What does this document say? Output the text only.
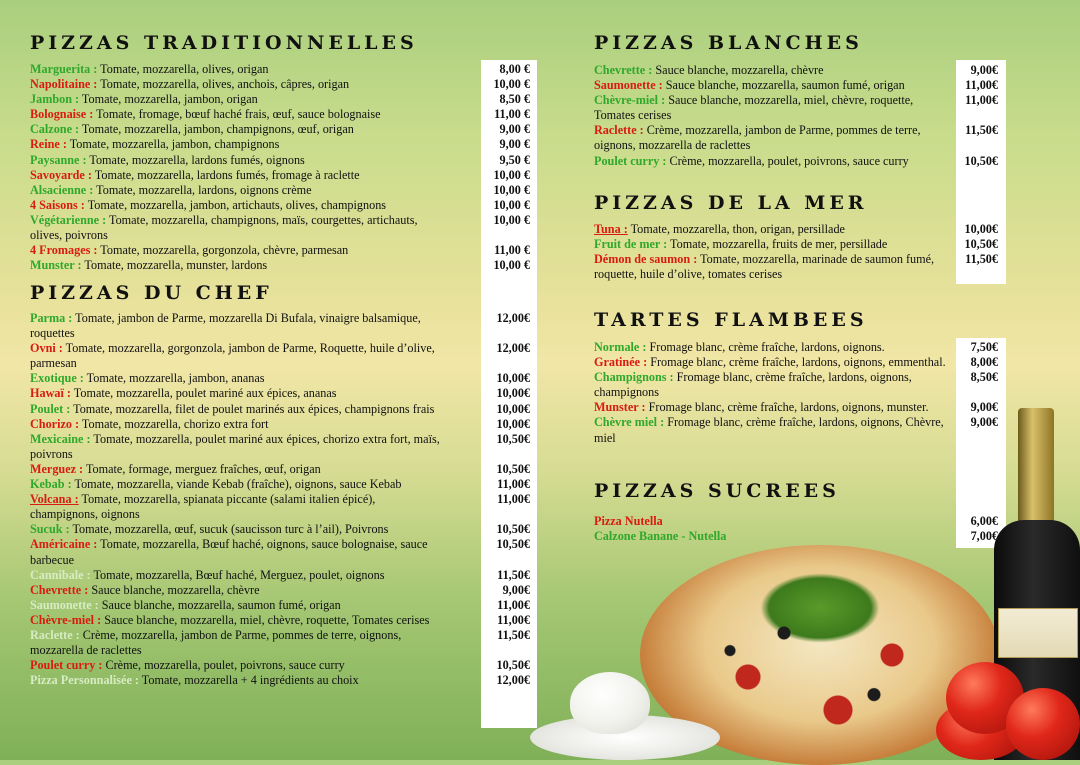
PIZZAS TRADITIONNELLES
Marguerita : Tomate, mozzarella, olives, origan	8,00 €
Napolitaine : Tomate, mozzarella, olives, anchois, câpres, origan	10,00 €
Jambon : Tomate, mozzarella, jambon, origan	8,50 €
Bolognaise : Tomate, fromage, bœuf haché frais, œuf, sauce bolognaise	11,00 €
Calzone : Tomate, mozzarella, jambon, champignons, œuf, origan	9,00 €
Reine : Tomate, mozzarella, jambon, champignons	9,00 €
Paysanne : Tomate, mozzarella, lardons fumés, oignons	9,50 €
Savoyarde : Tomate, mozzarella, lardons fumés, fromage à raclette	10,00 €
Alsacienne : Tomate, mozzarella, lardons, oignons crème	10,00 €
4 Saisons : Tomate, mozzarella, jambon, artichauts, olives, champignons	10,00 €
Végétarienne : Tomate, mozzarella, champignons, maïs, courgettes, artichauts, olives, poivrons
10,00 €
4 Fromages : Tomate, mozzarella, gorgonzola, chèvre, parmesan	11,00 €
Munster : Tomate, mozzarella, munster, lardons	10,00 €
PIZZAS DU CHEF
Parma : Tomate, jambon de Parme, mozzarella Di Bufala, vinaigre balsamique, roquettes
12,00€
Ovni : Tomate, mozzarella, gorgonzola, jambon de Parme, Roquette, huile d’olive, parmesan
12,00€
Exotique : Tomate, mozzarella, jambon, ananas	10,00€
Hawaï : Tomate, mozzarella, poulet mariné aux épices, ananas	10,00€
Poulet : Tomate, mozzarella, filet de poulet marinés aux épices, champignons frais	10,00€
Chorizo : Tomate, mozzarella, chorizo extra fort	10,00€
Mexicaine : Tomate, mozzarella, poulet mariné aux épices, chorizo extra fort, maïs, poivrons
10,50€
Merguez : Tomate, formage, merguez fraîches, œuf, origan	10,50€
Kebab : Tomate, mozzarella, viande Kebab (fraîche), oignons, sauce Kebab	11,00€
Volcana : Tomate, mozzarella, spianata piccante (salami italien épicé), champignons, oignons
11,00€
Sucuk : Tomate, mozzarella, œuf, sucuk (saucisson turc à l’ail), Poivrons	10,50€
Américaine : Tomate, mozzarella, Bœuf haché, oignons, sauce bolognaise, sauce barbecue
10,50€
Cannibale : Tomate, mozzarella, Bœuf haché, Merguez, poulet, oignons	11,50€
Chevrette : Sauce blanche, mozzarella, chèvre	9,00€
Saumonette : Sauce blanche, mozzarella, saumon fumé, origan	11,00€
Chèvre-miel : Sauce blanche, mozzarella, miel, chèvre, roquette, Tomates cerises	11,00€
Raclette : Crème, mozzarella, jambon de Parme, pommes de terre, oignons, mozzarella de raclettes
11,50€
Poulet curry : Crème, mozzarella, poulet, poivrons, sauce curry	10,50€
Pizza Personnalisée : Tomate, mozzarella + 4 ingrédients au choix	12,00€
PIZZAS BLANCHES
Chevrette : Sauce blanche, mozzarella, chèvre	9,00€
Saumonette : Sauce blanche, mozzarella, saumon fumé, origan	11,00€
Chèvre-miel : Sauce blanche, mozzarella, miel, chèvre, roquette, Tomates cerises
11,00€
Raclette : Crème, mozzarella, jambon de Parme, pommes de terre, oignons, mozzarella de raclettes
11,50€
Poulet curry : Crème, mozzarella, poulet, poivrons, sauce curry	10,50€
PIZZAS DE LA MER
Tuna : Tomate, mozzarella, thon, origan, persillade	10,00€
Fruit de mer : Tomate, mozzarella, fruits de mer, persillade	10,50€
Démon de saumon : Tomate, mozzarella, marinade de saumon fumé, roquette, huile d’olive, tomates cerises
11,50€
TARTES FLAMBEES
Normale : Fromage blanc, crème fraîche, lardons, oignons.	7,50€
Gratinée : Fromage blanc, crème fraîche, lardons, oignons, emmenthal.	8,00€
Champignons : Fromage blanc, crème fraîche, lardons, oignons, champignons
8,50€
Munster : Fromage blanc, crème fraîche, lardons, oignons, munster.	9,00€
Chèvre miel : Fromage blanc, crème fraîche, lardons, oignons, Chèvre, miel
9,00€
PIZZAS SUCREES
Pizza Nutella	6,00€
Calzone Banane - Nutella	7,00€
